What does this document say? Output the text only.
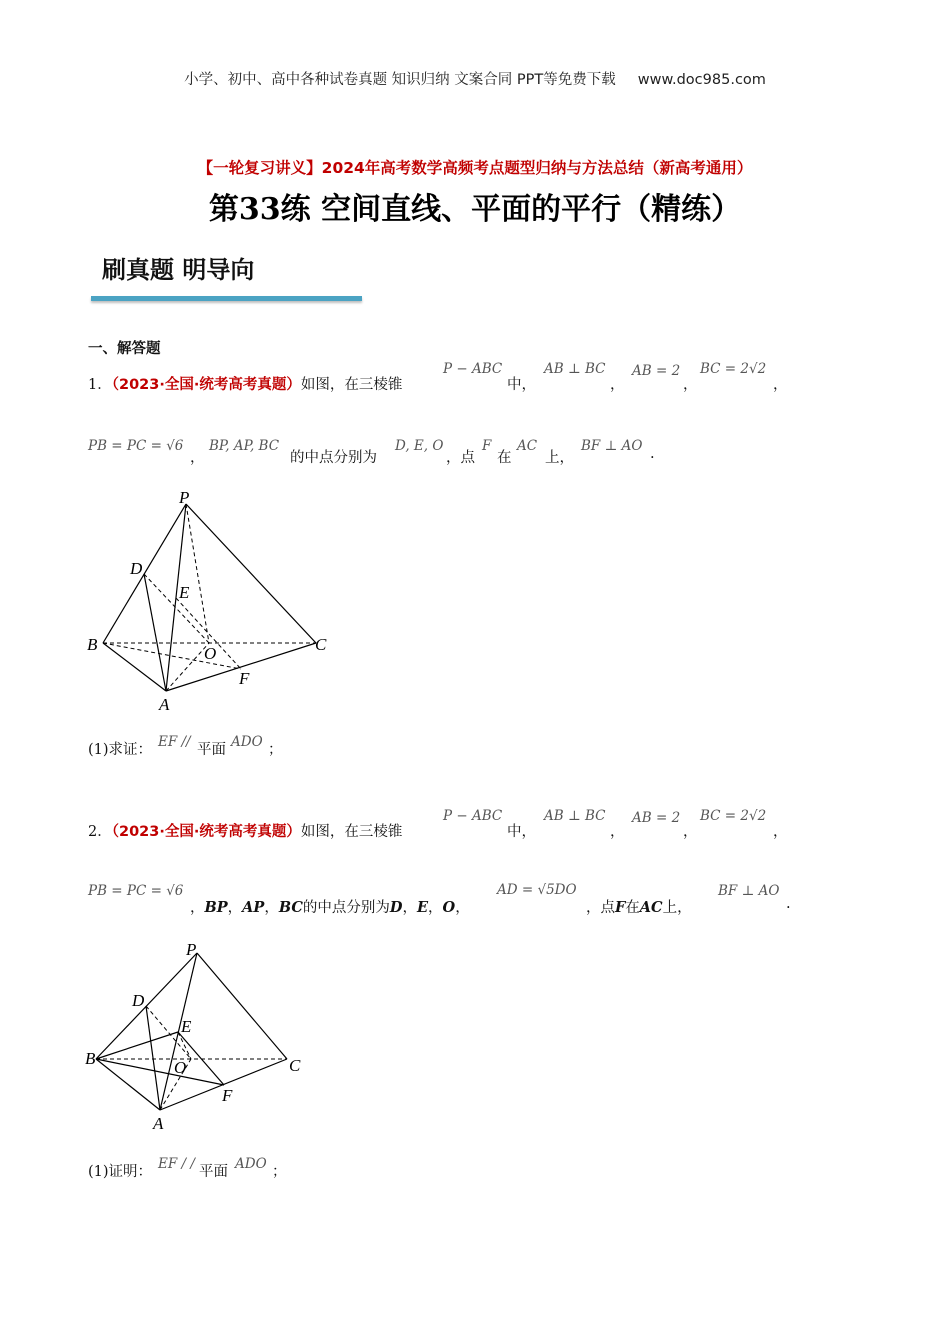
小学、初中、高中各种试卷真题 知识归纳 文案合同 PPT等免费下载 www.doc985.com
【一轮复习讲义】2024年高考数学高频考点题型归纳与方法总结（新高考通用）
第33练 空间直线、平面的平行（精练）
刷真题 明导向
一、解答题
1．（2023·全国·统考高考真题）如图，在三棱锥
P − ABC
中，
AB ⊥ BC
，
AB = 2
，
BC = 2√2
，
PB = PC = √6
，
BP, AP, BC
的中点分别为
D, E, O
，点
F
在
AC
上，
BF ⊥ AO .
P
D
E
B	O	C
F
A
(1)求证： EF // 平面 ADO ；
2．（2023·全国·统考高考真题）如图，在三棱锥
P − ABC
中，
AB ⊥ BC
，
AB = 2
，
BC = 2√2
，
PB = PC = √6
，BP，AP，BC的中点分别为D，E，O，
AD = √5DO
，点F在AC上，
BF ⊥ AO
.
P
D
E
B	O	C
F
A
(1)证明： EF / / 平面 ADO ；
